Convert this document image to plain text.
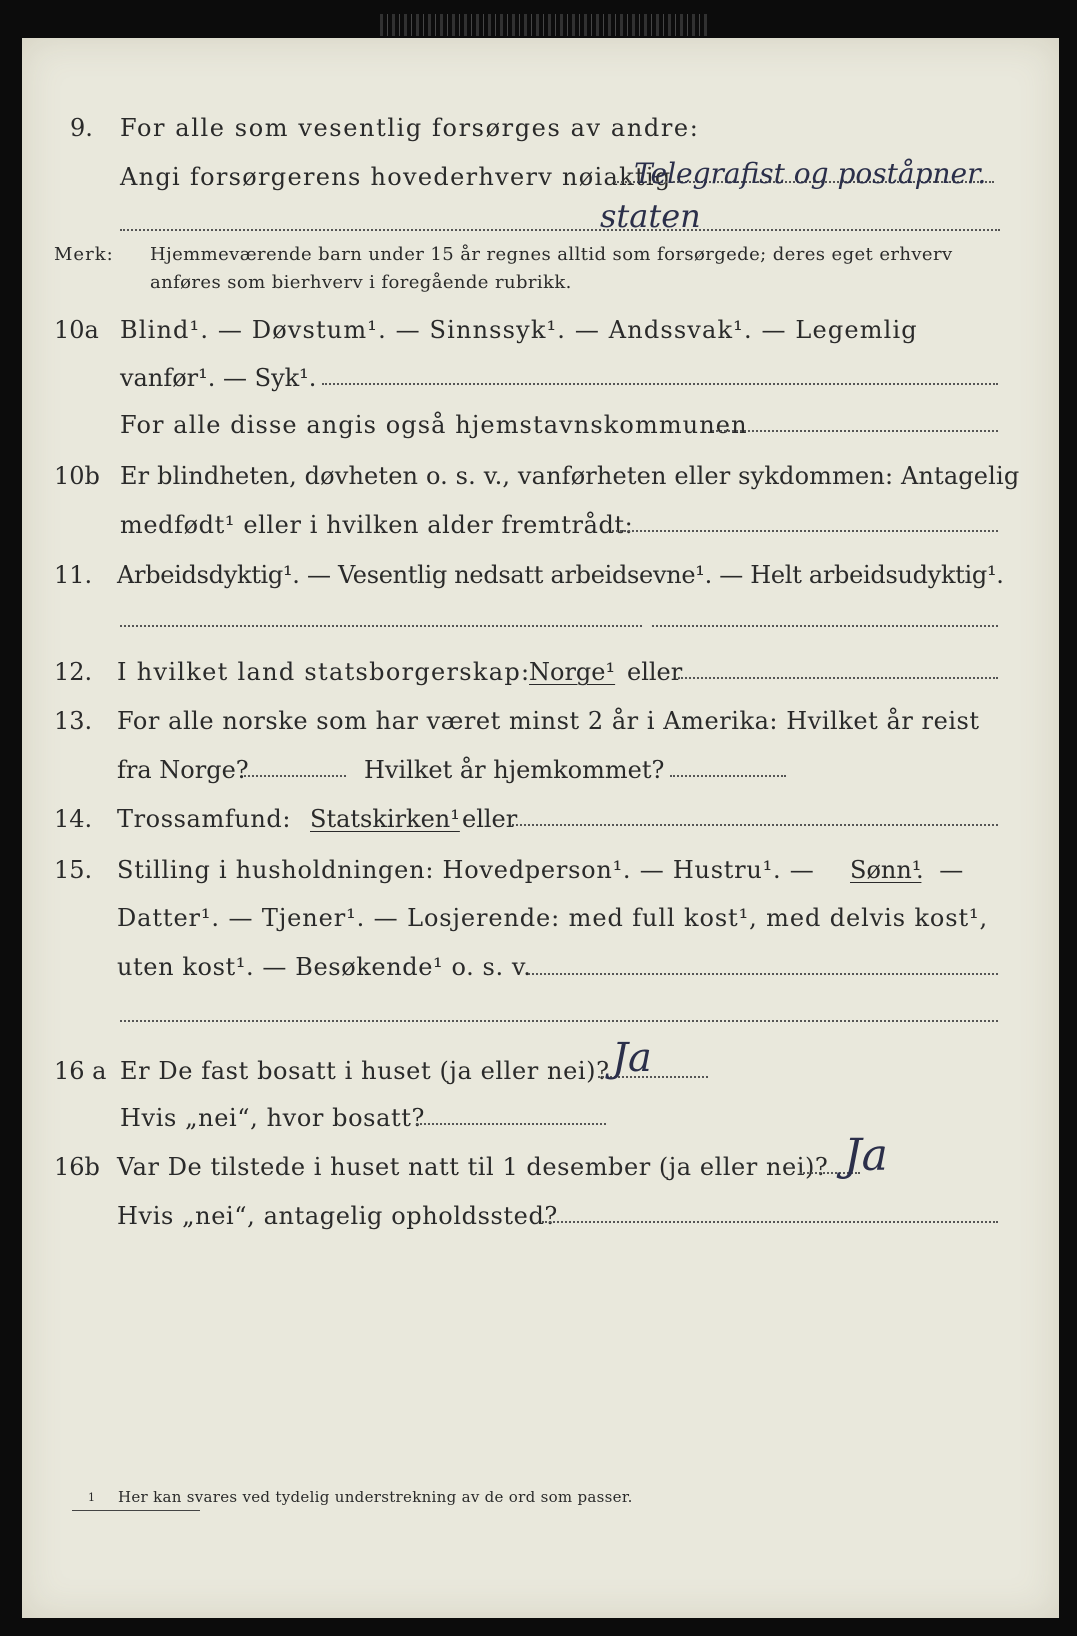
9. For alle som vesentlig forsørges av andre:
Angi forsørgerens hovederhverv nøiaktig
Telegrafist og poståpner.
staten
Merk: Hjemmeværende barn under 15 år regnes alltid som forsørgede; deres eget erhverv
anføres som bierhverv i foregående rubrikk.
10a Blind¹. — Døvstum¹. — Sinnssyk¹. — Andssvak¹. — Legemlig
vanfør¹. — Syk¹.
For alle disse angis også hjemstavnskommunen
10b Er blindheten, døvheten o. s. v., vanførheten eller sykdommen: Antagelig
medfødt¹ eller i hvilken alder fremtrådt:
11. Arbeidsdyktig¹. — Vesentlig nedsatt arbeidsevne¹. — Helt arbeidsudyktig¹.
12. I hvilket land statsborgerskap:
Norge¹ eller
13. For alle norske som har været minst 2 år i Amerika: Hvilket år reist
fra Norge?	Hvilket år hjemkommet?
14. Trossamfund: Statskirken¹ eller
15. Stilling i husholdningen: Hovedperson¹. — Hustru¹. — Sønn¹
. —
Datter¹. — Tjener¹. — Losjerende: med full kost¹, med delvis kost¹,
uten kost¹. — Besøkende¹ o. s. v.
16 a Er De fast bosatt i huset (ja eller nei)? Ja
Hvis „nei“, hvor bosatt?
16b Var De tilstede i huset natt til 1 desember (ja eller nei)? Ja
Hvis „nei“, antagelig opholdssted?
1 Her kan svares ved tydelig understrekning av de ord som passer.
